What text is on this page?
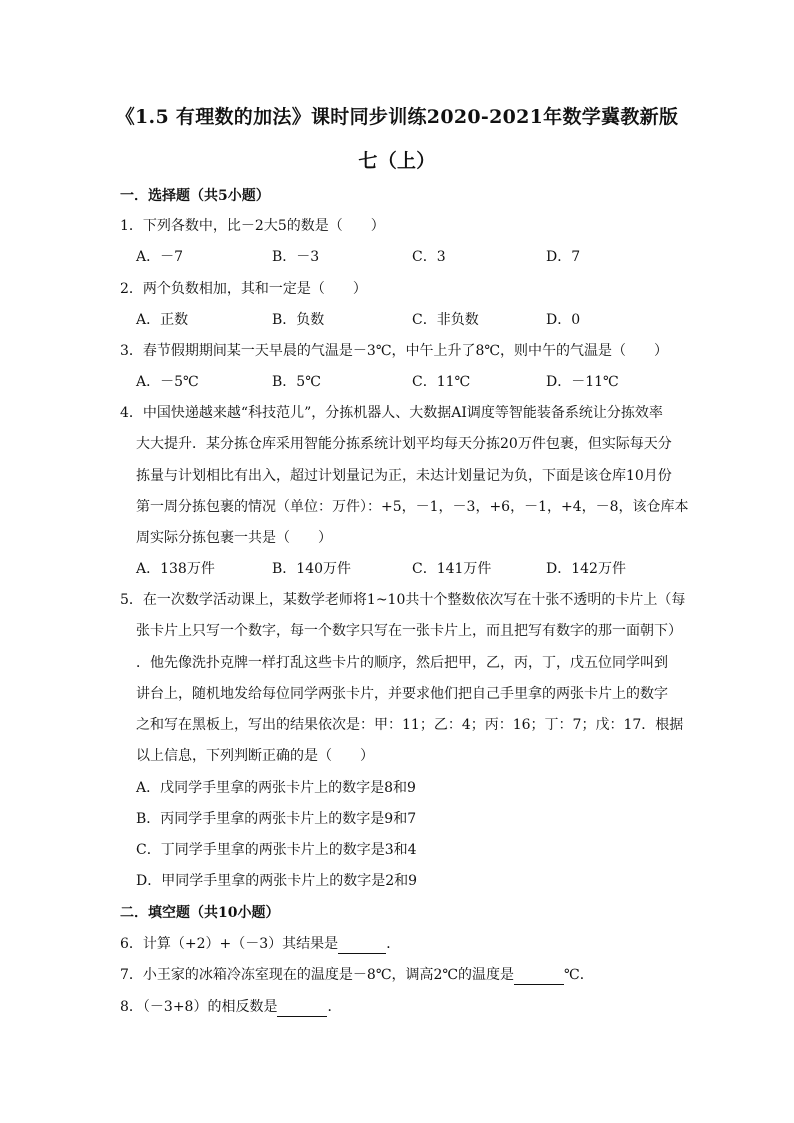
《1.5 有理数的加法》课时同步训练2020-2021年数学冀教新版
七（上）
一．选择题（共5小题）
1．下列各数中，比－2大5的数是（　　）
A．－7	B．－3	C．3	D．7
2．两个负数相加，其和一定是（　　）
A．正数	B．负数	C．非负数	D．0
3．春节假期期间某一天早晨的气温是－3℃，中午上升了8℃，则中午的气温是（　　）
A．－5℃	B．5℃	C．11℃	D．－11℃
4．中国快递越来越“科技范儿”，分拣机器人、大数据AI调度等智能装备系统让分拣效率
大大提升．某分拣仓库采用智能分拣系统计划平均每天分拣20万件包裹，但实际每天分
拣量与计划相比有出入，超过计划量记为正，未达计划量记为负，下面是该仓库10月份
第一周分拣包裹的情况（单位：万件）：+5，－1，－3，+6，－1，+4，－8，该仓库本
周实际分拣包裹一共是（　　）
A．138万件	B．140万件	C．141万件	D．142万件
5．在一次数学活动课上，某数学老师将1~10共十个整数依次写在十张不透明的卡片上（每
张卡片上只写一个数字，每一个数字只写在一张卡片上，而且把写有数字的那一面朝下）
．他先像洗扑克牌一样打乱这些卡片的顺序，然后把甲，乙，丙，丁，戊五位同学叫到
讲台上，随机地发给每位同学两张卡片，并要求他们把自己手里拿的两张卡片上的数字
之和写在黑板上，写出的结果依次是：甲：11；乙：4；丙：16；丁：7；戊：17．根据
以上信息，下列判断正确的是（　　）
A．戊同学手里拿的两张卡片上的数字是8和9
B．丙同学手里拿的两张卡片上的数字是9和7
C．丁同学手里拿的两张卡片上的数字是3和4
D．甲同学手里拿的两张卡片上的数字是2和9
二．填空题（共10小题）
6．计算（+2）+（－3）其结果是	．
7．小王家的冰箱冷冻室现在的温度是－8℃，调高2℃的温度是	℃．
8．（－3+8）的相反数是	．
